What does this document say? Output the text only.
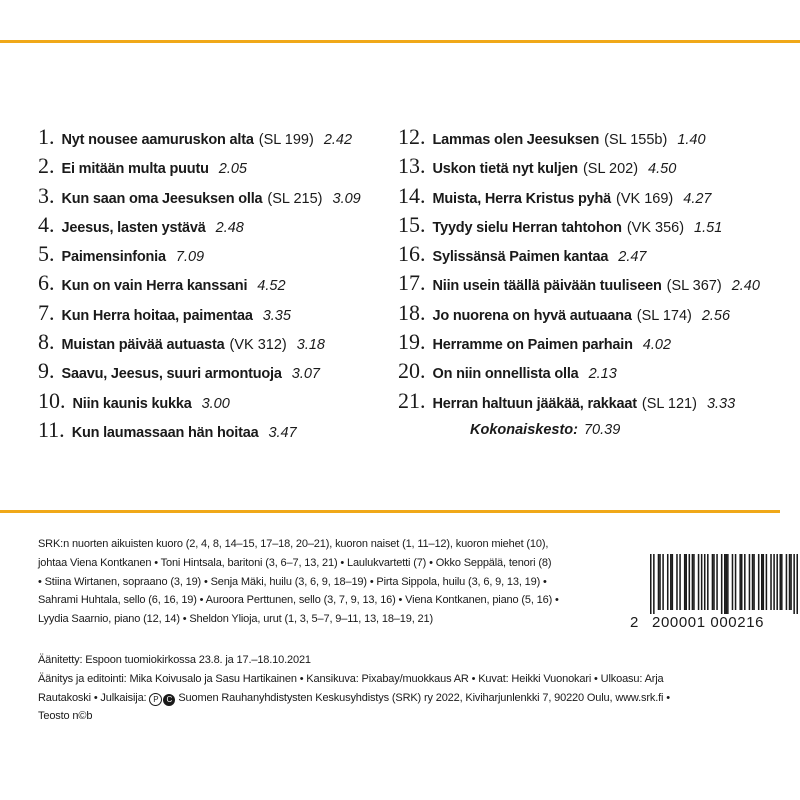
1. Nyt nousee aamuruskon alta (SL 199) 2.42
2. Ei mitään multa puutu 2.05
3. Kun saan oma Jeesuksen olla (SL 215) 3.09
4. Jeesus, lasten ystävä 2.48
5. Paimensinfonia 7.09
6. Kun on vain Herra kanssani 4.52
7. Kun Herra hoitaa, paimentaa 3.35
8. Muistan päivää autuasta (VK 312) 3.18
9. Saavu, Jeesus, suuri armontuoja 3.07
10. Niin kaunis kukka 3.00
11. Kun laumassaan hän hoitaa 3.47
12. Lammas olen Jeesuksen (SL 155b) 1.40
13. Uskon tietä nyt kuljen (SL 202) 4.50
14. Muista, Herra Kristus pyhä (VK 169) 4.27
15. Tyydy sielu Herran tahtohon (VK 356) 1.51
16. Sylissänsä Paimen kantaa 2.47
17. Niin usein täällä päivään tuuliseen (SL 367) 2.40
18. Jo nuorena on hyvä autuaana (SL 174) 2.56
19. Herramme on Paimen parhain 4.02
20. On niin onnellista olla 2.13
21. Herran haltuun jääkää, rakkaat (SL 121) 3.33
Kokonaiskesto: 70.39
SRK:n nuorten aikuisten kuoro (2, 4, 8, 14–15, 17–18, 20–21), kuoron naiset (1, 11–12), kuoron miehet (10),
johtaa Viena Kontkanen • Toni Hintsala, baritoni (3, 6–7, 13, 21) • Laulukvartetti (7) • Okko Seppälä, tenori (8)
• Stiina Wirtanen, sopraano (3, 19) • Senja Mäki, huilu (3, 6, 9, 18–19) • Pirta Sippola, huilu (3, 6, 9, 13, 19) •
Sahrami Huhtala, sello (6, 16, 19) • Auroora Perttunen, sello (3, 7, 9, 13, 16) • Viena Kontkanen, piano (5, 16) •
Lyydia Saarnio, piano (12, 14) • Sheldon Ylioja, urut (1, 3, 5–7, 9–11, 13, 18–19, 21)	2 200001 000216
Äänitetty: Espoon tuomiokirkossa 23.8. ja 17.–18.10.2021
Äänitys ja editointi: Mika Koivusalo ja Sasu Hartikainen • Kansikuva: Pixabay/muokkaus AR • Kuvat: Heikki Vuonokari • Ulkoasu: Arja
Rautakoski • Julkaisija: P C Suomen Rauhanyhdistysten Keskusyhdistys (SRK) ry 2022, Kiviharjunlenkki 7, 90220 Oulu, www.srk.fi •
Teosto n©b
